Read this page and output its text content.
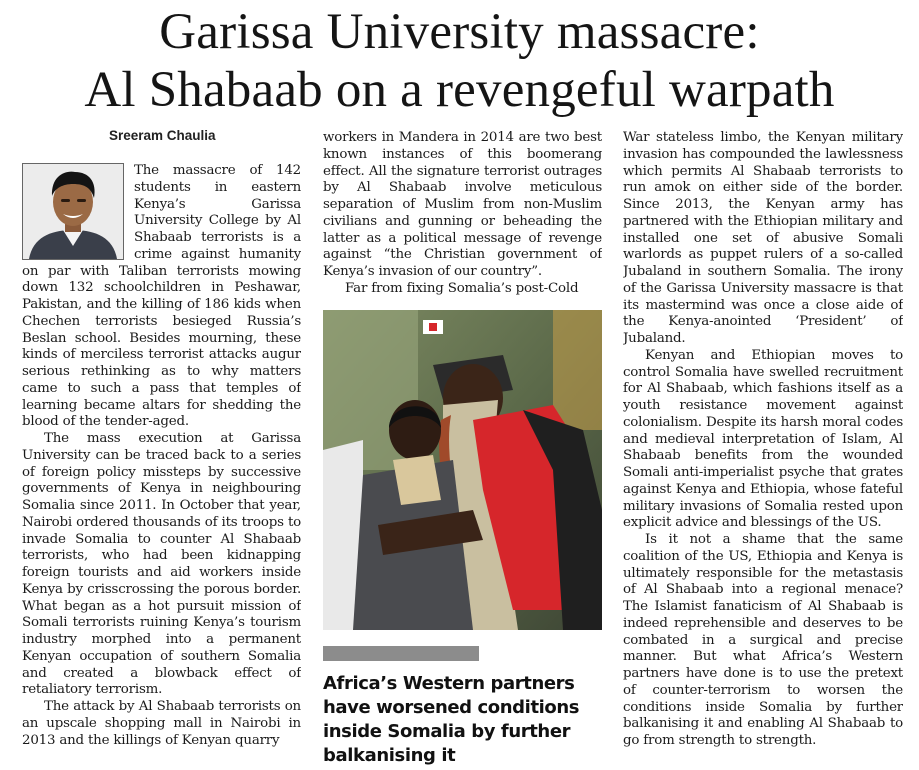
Garissa University massacre:
Al Shabaab on a revengeful warpath
Sreeram Chaulia

The massacre of 142 students in eastern Kenya’s Garissa University College by Al Shabaab terrorists is a crime against humanity on par with Taliban terrorists mowing down 132 schoolchildren in Peshawar, Pakistan, and the killing of 186 kids when Chechen terrorists besieged Russia’s Beslan school. Besides mourning, these kinds of merciless terrorist attacks augur serious rethinking as to why matters came to such a pass that temples of learning became altars for shedding the blood of the tender-aged.

The mass execution at Garissa University can be traced back to a series of foreign policy missteps by successive governments of Kenya in neighbouring Somalia since 2011. In October that year, Nairobi ordered thousands of its troops to invade Somalia to counter Al Shabaab terrorists, who had been kidnapping foreign tourists and aid workers inside Kenya by crisscrossing the porous border. What began as a hot pursuit mission of Somali terrorists ruining Kenya’s tourism industry morphed into a permanent Kenyan occupation of southern Somalia and created a blowback effect of retaliatory terrorism.

The attack by Al Shabaab terrorists on an upscale shopping mall in Nairobi in 2013 and the killings of Kenyan quarry

workers in Mandera in 2014 are two best known instances of this boomerang effect. All the signature terrorist outrages by Al Shabaab involve meticulous separation of Muslim from non-Muslim civilians and gunning or beheading the latter as a political message of revenge against “the Christian government of Kenya’s invasion of our country”.

Far from fixing Somalia’s post-Cold

Africa’s Western partners have worsened conditions inside Somalia by further balkanising it

War stateless limbo, the Kenyan military invasion has compounded the lawlessness which permits Al Shabaab terrorists to run amok on either side of the border. Since 2013, the Kenyan army has partnered with the Ethiopian military and installed one set of abusive Somali warlords as puppet rulers of a so-called Jubaland in southern Somalia. The irony of the Garissa University massacre is that its mastermind was once a close aide of the Kenya-anointed ‘President’ of Jubaland.

Kenyan and Ethiopian moves to control Somalia have swelled recruitment for Al Shabaab, which fashions itself as a youth resistance movement against colonialism. Despite its harsh moral codes and medieval interpretation of Islam, Al Shabaab benefits from the wounded Somali anti-imperialist psyche that grates against Kenya and Ethiopia, whose fateful military invasions of Somalia rested upon explicit advice and blessings of the US.

Is it not a shame that the same coalition of the US, Ethiopia and Kenya is ultimately responsible for the metastasis of Al Shabaab into a regional menace? The Islamist fanaticism of Al Shabaab is indeed reprehensible and deserves to be combated in a surgical and precise manner. But what Africa’s Western partners have done is to use the pretext of counter-terrorism to worsen the conditions inside Somalia by further balkanising it and enabling Al Shabaab to go from strength to strength.
